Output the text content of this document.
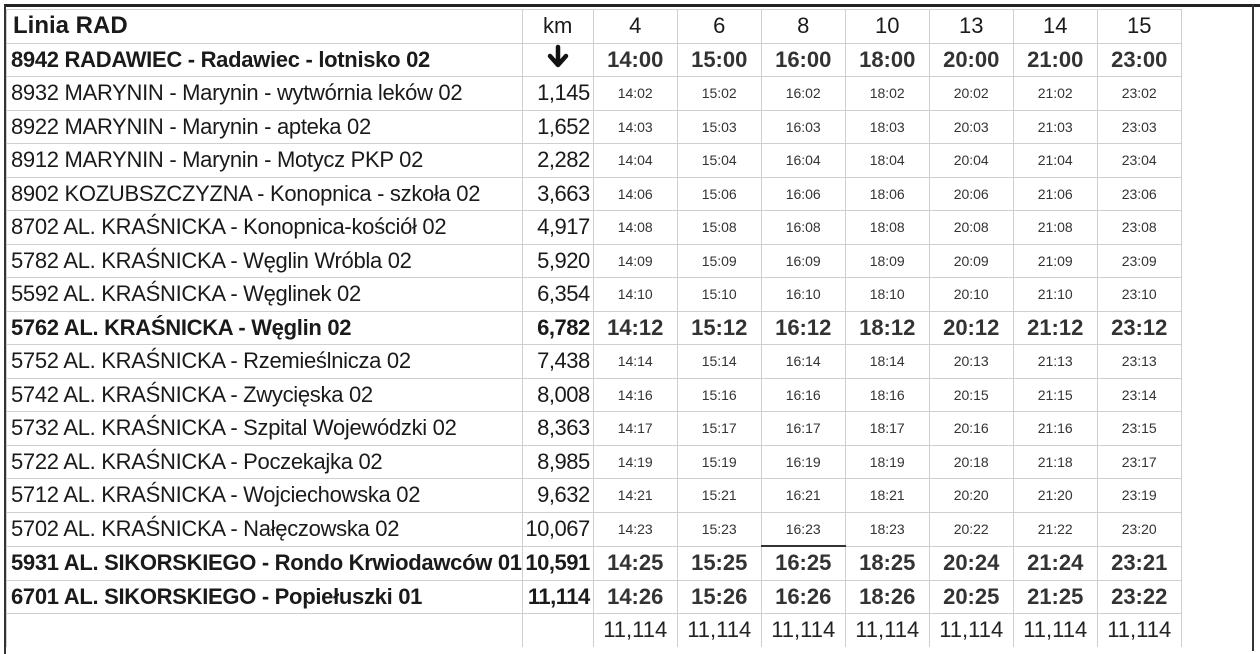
Linia RAD	km	4	6	8	10	13	14	15
8942 RADAWIEC - Radawiec - lotnisko 02		14:00	15:00	16:00	18:00	20:00	21:00	23:00
8932 MARYNIN - Marynin - wytwórnia leków 02	1,145	14:02	15:02	16:02	18:02	20:02	21:02	23:02
8922 MARYNIN - Marynin - apteka 02	1,652	14:03	15:03	16:03	18:03	20:03	21:03	23:03
8912 MARYNIN - Marynin - Motycz PKP 02	2,282	14:04	15:04	16:04	18:04	20:04	21:04	23:04
8902 KOZUBSZCZYZNA - Konopnica - szkoła 02	3,663	14:06	15:06	16:06	18:06	20:06	21:06	23:06
8702 AL. KRAŚNICKA - Konopnica-kościół 02	4,917	14:08	15:08	16:08	18:08	20:08	21:08	23:08
5782 AL. KRAŚNICKA - Węglin Wróbla 02	5,920	14:09	15:09	16:09	18:09	20:09	21:09	23:09
5592 AL. KRAŚNICKA - Węglinek 02	6,354	14:10	15:10	16:10	18:10	20:10	21:10	23:10
5762 AL. KRAŚNICKA - Węglin 02	6,782	14:12	15:12	16:12	18:12	20:12	21:12	23:12
5752 AL. KRAŚNICKA - Rzemieślnicza 02	7,438	14:14	15:14	16:14	18:14	20:13	21:13	23:13
5742 AL. KRAŚNICKA - Zwycięska 02	8,008	14:16	15:16	16:16	18:16	20:15	21:15	23:14
5732 AL. KRAŚNICKA - Szpital Wojewódzki 02	8,363	14:17	15:17	16:17	18:17	20:16	21:16	23:15
5722 AL. KRAŚNICKA - Poczekajka 02	8,985	14:19	15:19	16:19	18:19	20:18	21:18	23:17
5712 AL. KRAŚNICKA - Wojciechowska 02	9,632	14:21	15:21	16:21	18:21	20:20	21:20	23:19
5702 AL. KRAŚNICKA - Nałęczowska 02	10,067	14:23	15:23	16:23	18:23	20:22	21:22	23:20
5931 AL. SIKORSKIEGO - Rondo Krwiodawców 01	10,591	14:25	15:25	16:25	18:25	20:24	21:24	23:21
6701 AL. SIKORSKIEGO - Popiełuszki 01	11,114	14:26	15:26	16:26	18:26	20:25	21:25	23:22
		11,114	11,114	11,114	11,114	11,114	11,114	11,114
